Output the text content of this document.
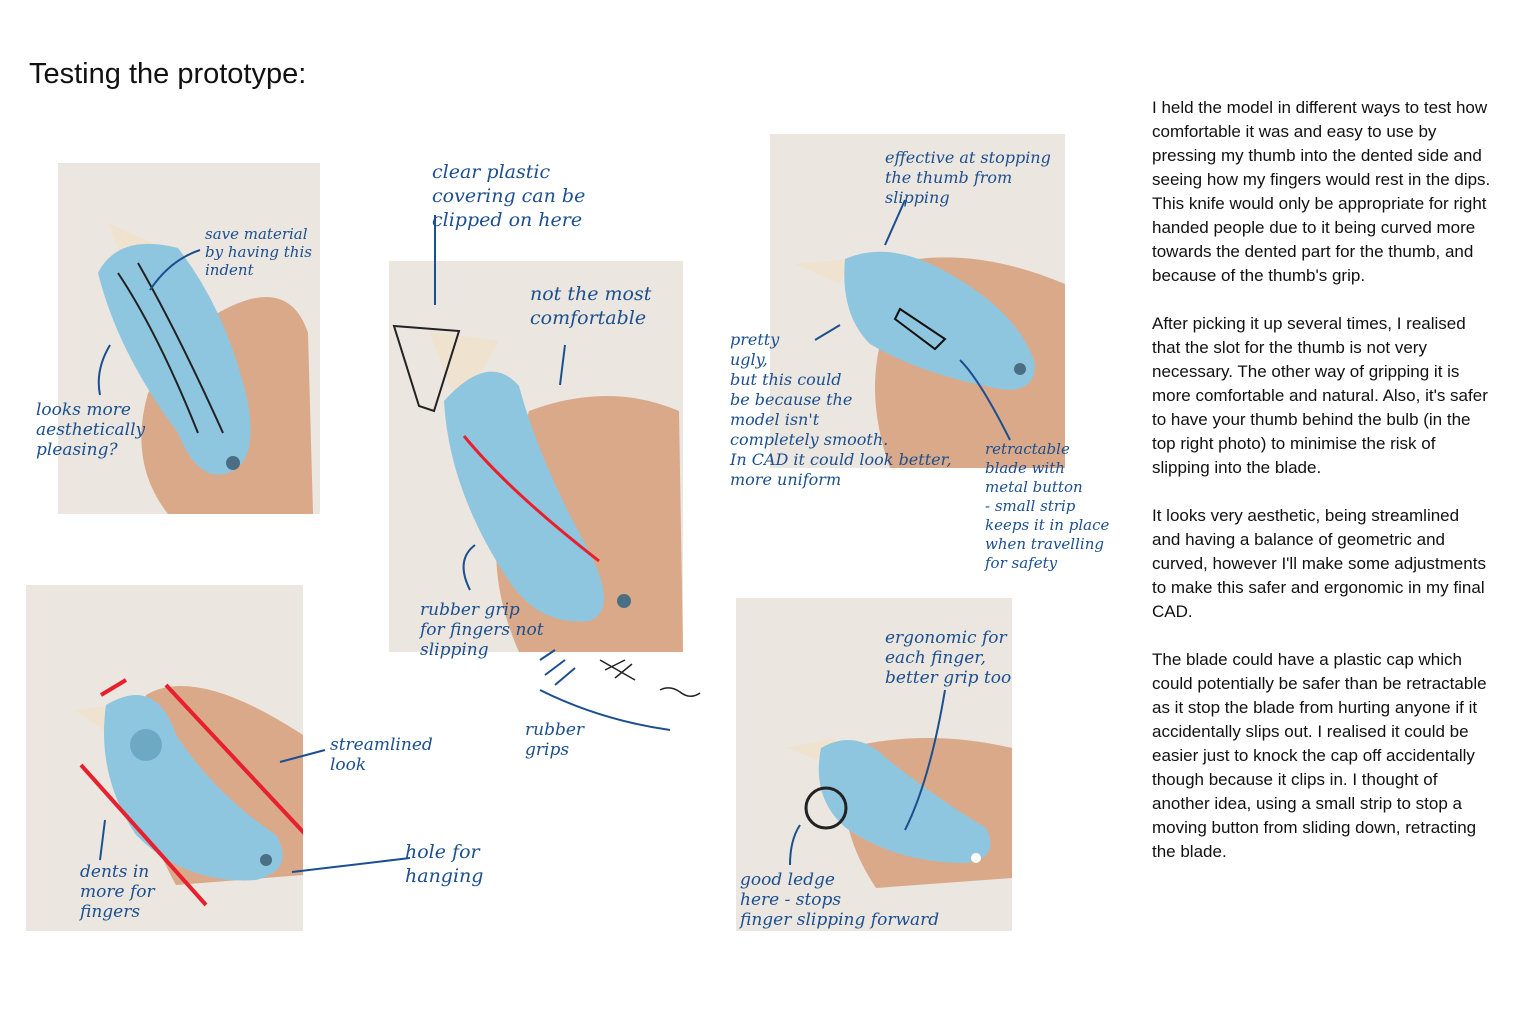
Testing the prototype:
save material
by having this
indent
looks more
aesthetically
pleasing?
clear plastic
covering can be
clipped on here
not the most
comfortable
rubber grip
for fingers not
slipping
rubber
grips
effective at stopping
the thumb from
slipping
pretty
ugly,
but this could
be because the
model isn't
completely smooth.
In CAD it could look better,
more uniform
retractable
blade with
metal button
- small strip
keeps it in place
when travelling
for safety
streamlined
look
dents in
more for
fingers
hole for
hanging
ergonomic for
each finger,
better grip too
good ledge
here - stops
finger slipping forward

I held the model in different ways to test how comfortable it was and easy to use by pressing my thumb into the dented side and seeing how my fingers would rest in the dips. This knife would only be appropriate for right handed people due to it being curved more towards the dented part for the thumb, and because of the thumb's grip.

After picking it up several times, I realised that the slot for the thumb is not very necessary. The other way of gripping it is more comfortable and natural. Also, it's safer to have your thumb behind the bulb (in the top right photo) to minimise the risk of slipping into the blade.

It looks very aesthetic, being streamlined and having a balance of geometric and curved, however I'll make some adjustments to make this safer and ergonomic in my final CAD.

The blade could have a plastic cap which could potentially be safer than be retractable as it stop the blade from hurting anyone if it accidentally slips out. I realised it could be easier just to knock the cap off accidentally though because it clips in. I thought of another idea, using a small strip to stop a moving button from sliding down, retracting the blade.
